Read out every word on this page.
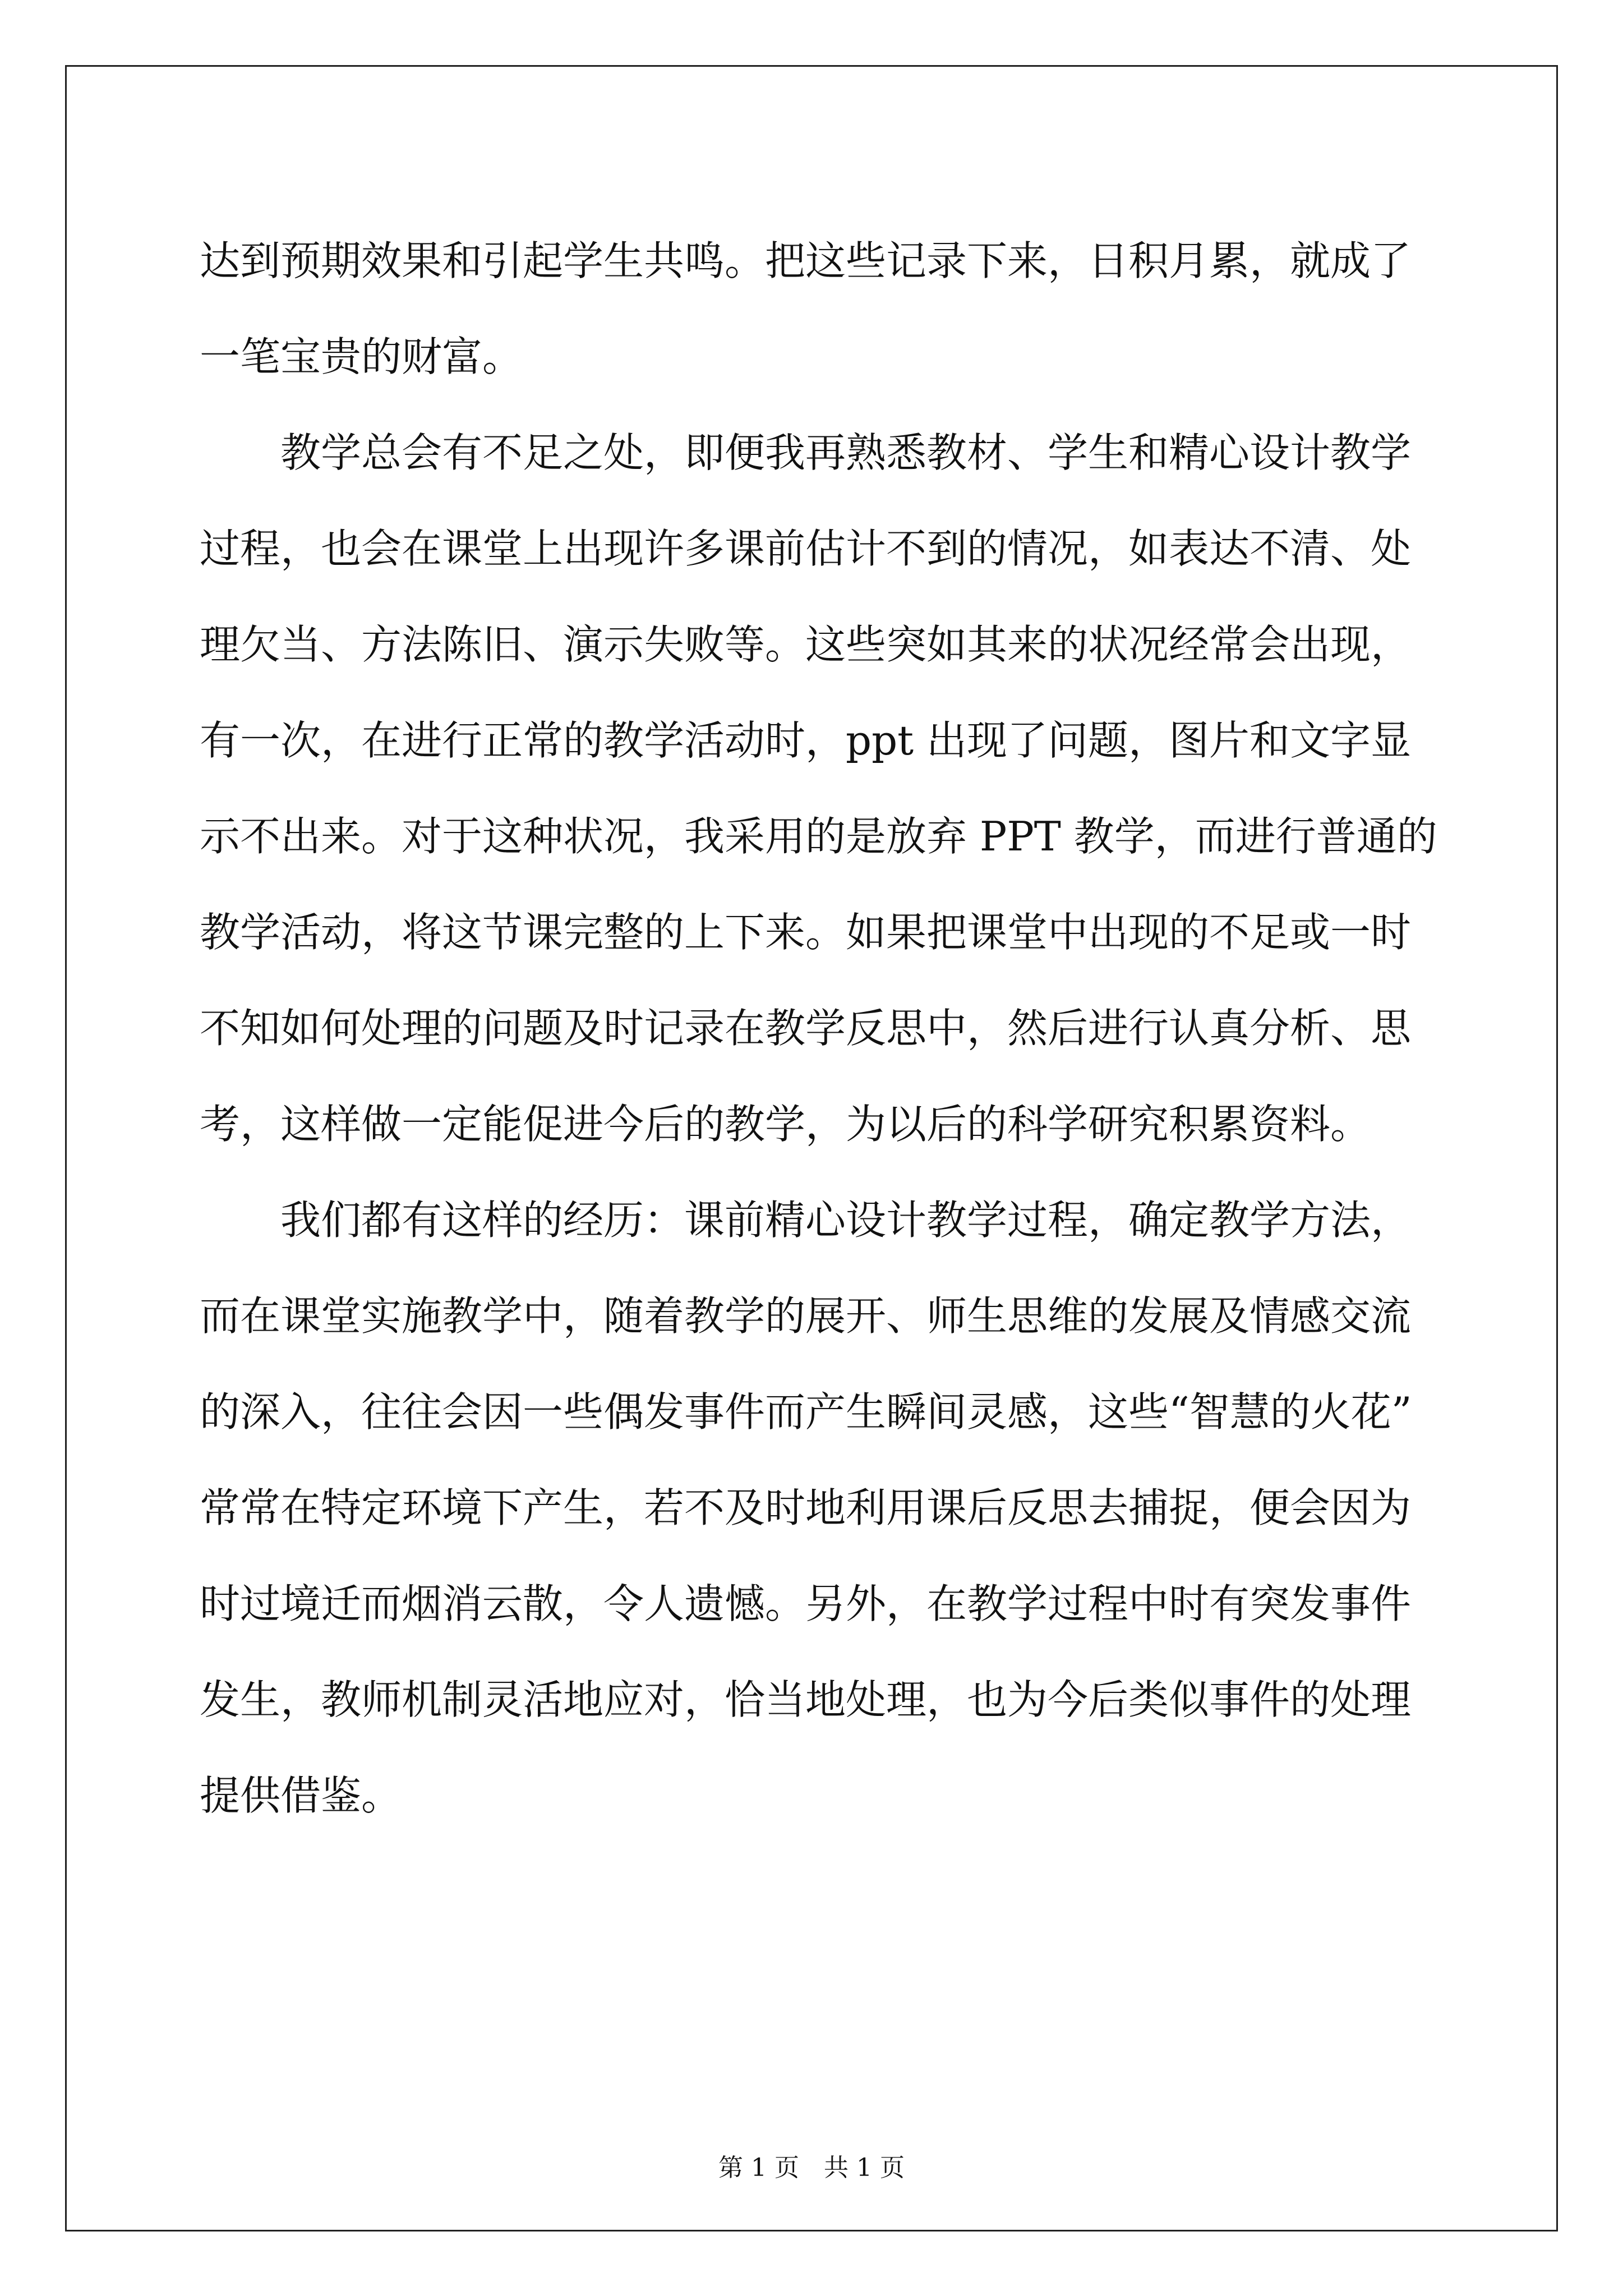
达到预期效果和引起学生共鸣。把这些记录下来，日积月累，就成了
一笔宝贵的财富。
教学总会有不足之处，即便我再熟悉教材、学生和精心设计教学
过程，也会在课堂上出现许多课前估计不到的情况，如表达不清、处
理欠当、方法陈旧、演示失败等。这些突如其来的状况经常会出现，
有一次，在进行正常的教学活动时，ppt 出现了问题，图片和文字显
示不出来。对于这种状况，我采用的是放弃 PPT 教学，而进行普通的
教学活动，将这节课完整的上下来。如果把课堂中出现的不足或一时
不知如何处理的问题及时记录在教学反思中，然后进行认真分析、思
考，这样做一定能促进今后的教学，为以后的科学研究积累资料。
我们都有这样的经历：课前精心设计教学过程，确定教学方法，
而在课堂实施教学中，随着教学的展开、师生思维的发展及情感交流
的深入，往往会因一些偶发事件而产生瞬间灵感，这些“智慧的火花”
常常在特定环境下产生，若不及时地利用课后反思去捕捉，便会因为
时过境迁而烟消云散，令人遗憾。另外，在教学过程中时有突发事件
发生，教师机制灵活地应对，恰当地处理，也为今后类似事件的处理
提供借鉴。
第 1 页　共 1 页
